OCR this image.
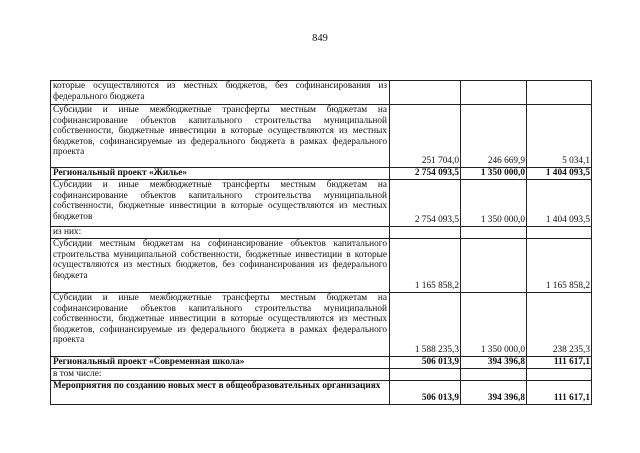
849
которые осуществляются из местных бюджетов, без софинансирования из федерального бюджета			
Субсидии и иные межбюджетные трансферты местным бюджетам на софинансирование объектов капитального строительства муниципальной собственности, бюджетные инвестиции в которые осуществляются из местных бюджетов, софинансируемые из федерального бюджета в рамках федерального проекта	251 704,0	246 669,9	5 034,1
Региональный проект «Жилье»	2 754 093,5	1 350 000,0	1 404 093,5
Субсидии и иные межбюджетные трансферты местным бюджетам на софинансирование объектов капитального строительства муниципальной собственности, бюджетные инвестиции в которые осуществляются из местных бюджетов	2 754 093,5	1 350 000,0	1 404 093,5
из них:			
Субсидии местным бюджетам на софинансирование объектов капитального строительства муниципальной собственности, бюджетные инвестиции в которые осуществляются из местных бюджетов, без софинансирования из федерального бюджета	1 165 858,2		1 165 858,2
Субсидии и иные межбюджетные трансферты местным бюджетам на софинансирование объектов капитального строительства муниципальной собственности, бюджетные инвестиции в которые осуществляются из местных бюджетов, софинансируемые из федерального бюджета в рамках федерального проекта	1 588 235,3	1 350 000,0	238 235,3
Региональный проект «Современная школа»	506 013,9	394 396,8	111 617,1
в том числе:			
Мероприятия по созданию новых мест в общеобразовательных организациях	506 013,9	394 396,8	111 617,1
